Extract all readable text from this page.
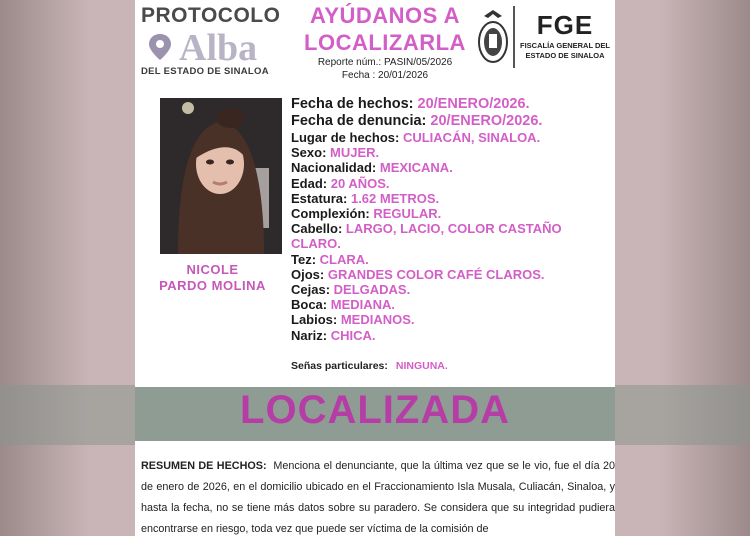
PROTOCOLO
Alba
DEL ESTADO DE SINALOA
AYÚDANOS A
LOCALIZARLA
Reporte núm.: PASIN/05/2026
Fecha : 20/01/2026
FGE
FISCALÍA GENERAL DEL
ESTADO DE SINALOA
NICOLE
PARDO MOLINA
Fecha de hechos: 20/ENERO/2026.
Fecha de denuncia: 20/ENERO/2026.
Lugar de hechos: CULIACÁN, SINALOA.
Sexo: MUJER.
Nacionalidad: MEXICANA.
Edad: 20 AÑOS.
Estatura: 1.62 METROS.
Complexión: REGULAR.
Cabello: LARGO, LACIO, COLOR CASTAÑO CLARO.
Tez: CLARA.
Ojos: GRANDES COLOR CAFÉ CLAROS.
Cejas: DELGADAS.
Boca: MEDIANA.
Labios: MEDIANOS.
Nariz: CHICA.
Señas particulares: NINGUNA.
LOCALIZADA
RESUMEN DE HECHOS: Menciona el denunciante, que la última vez que se le vio, fue el día 20 de enero de 2026, en el domicilio ubicado en el Fraccionamiento Isla Musala, Culiacán, Sinaloa, y hasta la fecha, no se tiene más datos sobre su paradero. Se considera que su integridad pudiera encontrarse en riesgo, toda vez que puede ser víctima de la comisión de
